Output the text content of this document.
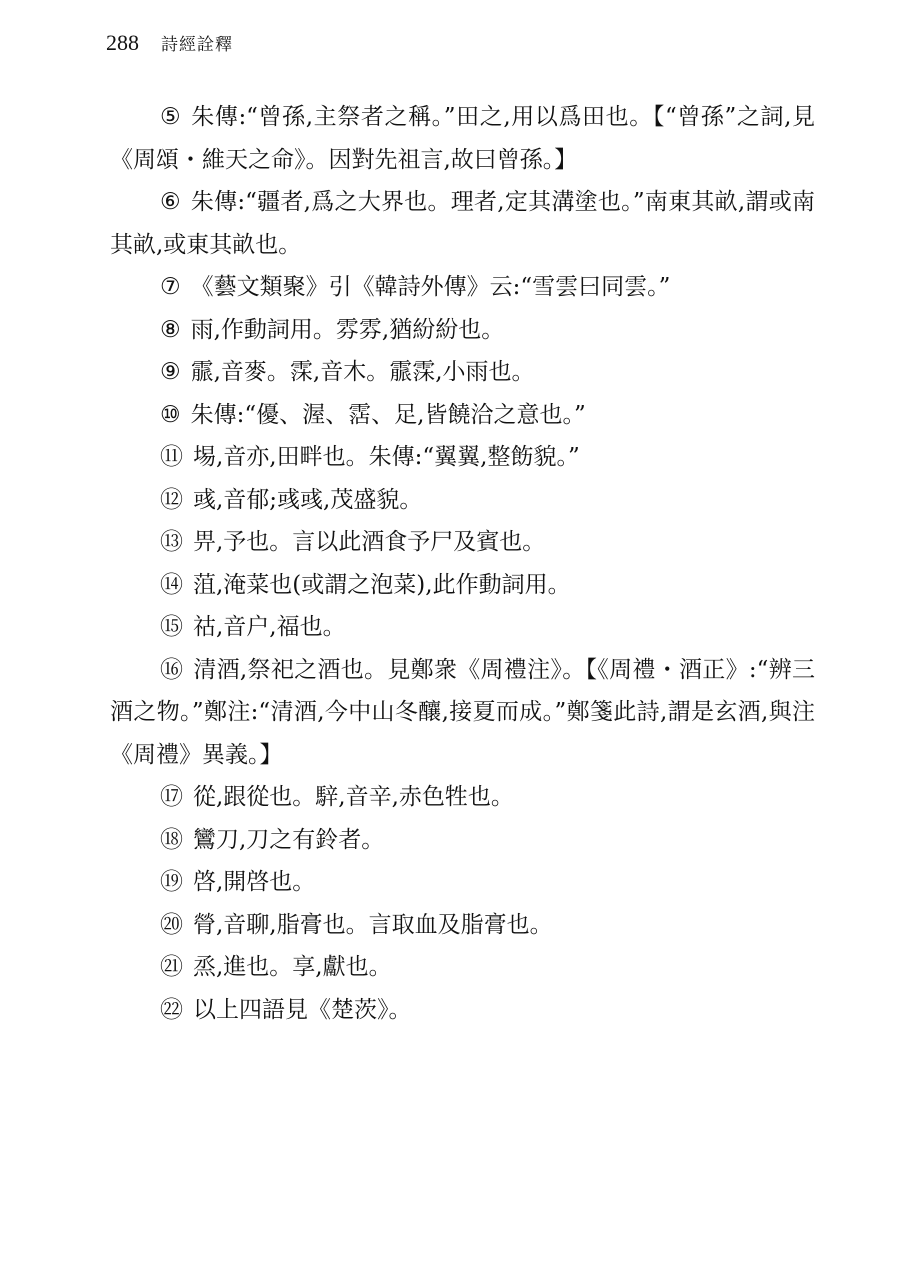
288 詩經詮釋

⑤ 朱傳:“曾孫,主祭者之稱。”田之,用以爲田也。【“曾孫”之詞,見《周頌・維天之命》。因對先祖言,故曰曾孫。】

⑥ 朱傳:“疆者,爲之大界也。理者,定其溝塗也。”南東其畝,謂或南其畝,或東其畝也。

⑦ 《藝文類聚》引《韓詩外傳》云:“雪雲曰同雲。”

⑧ 雨,作動詞用。雰雰,猶紛紛也。

⑨ 霢,音麥。霂,音木。霢霂,小雨也。

⑩ 朱傳:“優、渥、霑、足,皆饒洽之意也。”

⑪ 埸,音亦,田畔也。朱傳:“翼翼,整飭貌。”

⑫ 彧,音郁;彧彧,茂盛貌。

⑬ 畀,予也。言以此酒食予尸及賓也。

⑭ 菹,淹菜也(或謂之泡菜),此作動詞用。

⑮ 祜,音户,福也。

⑯ 清酒,祭祀之酒也。見鄭衆《周禮注》。【《周禮・酒正》:“辨三酒之物。”鄭注:“清酒,今中山冬釀,接夏而成。”鄭箋此詩,謂是玄酒,與注《周禮》異義。】

⑰ 從,跟從也。騂,音辛,赤色牲也。

⑱ 鸞刀,刀之有鈴者。

⑲ 啓,開啓也。

⑳ 膋,音聊,脂膏也。言取血及脂膏也。

㉑ 烝,進也。享,獻也。

㉒ 以上四語見《楚茨》。
